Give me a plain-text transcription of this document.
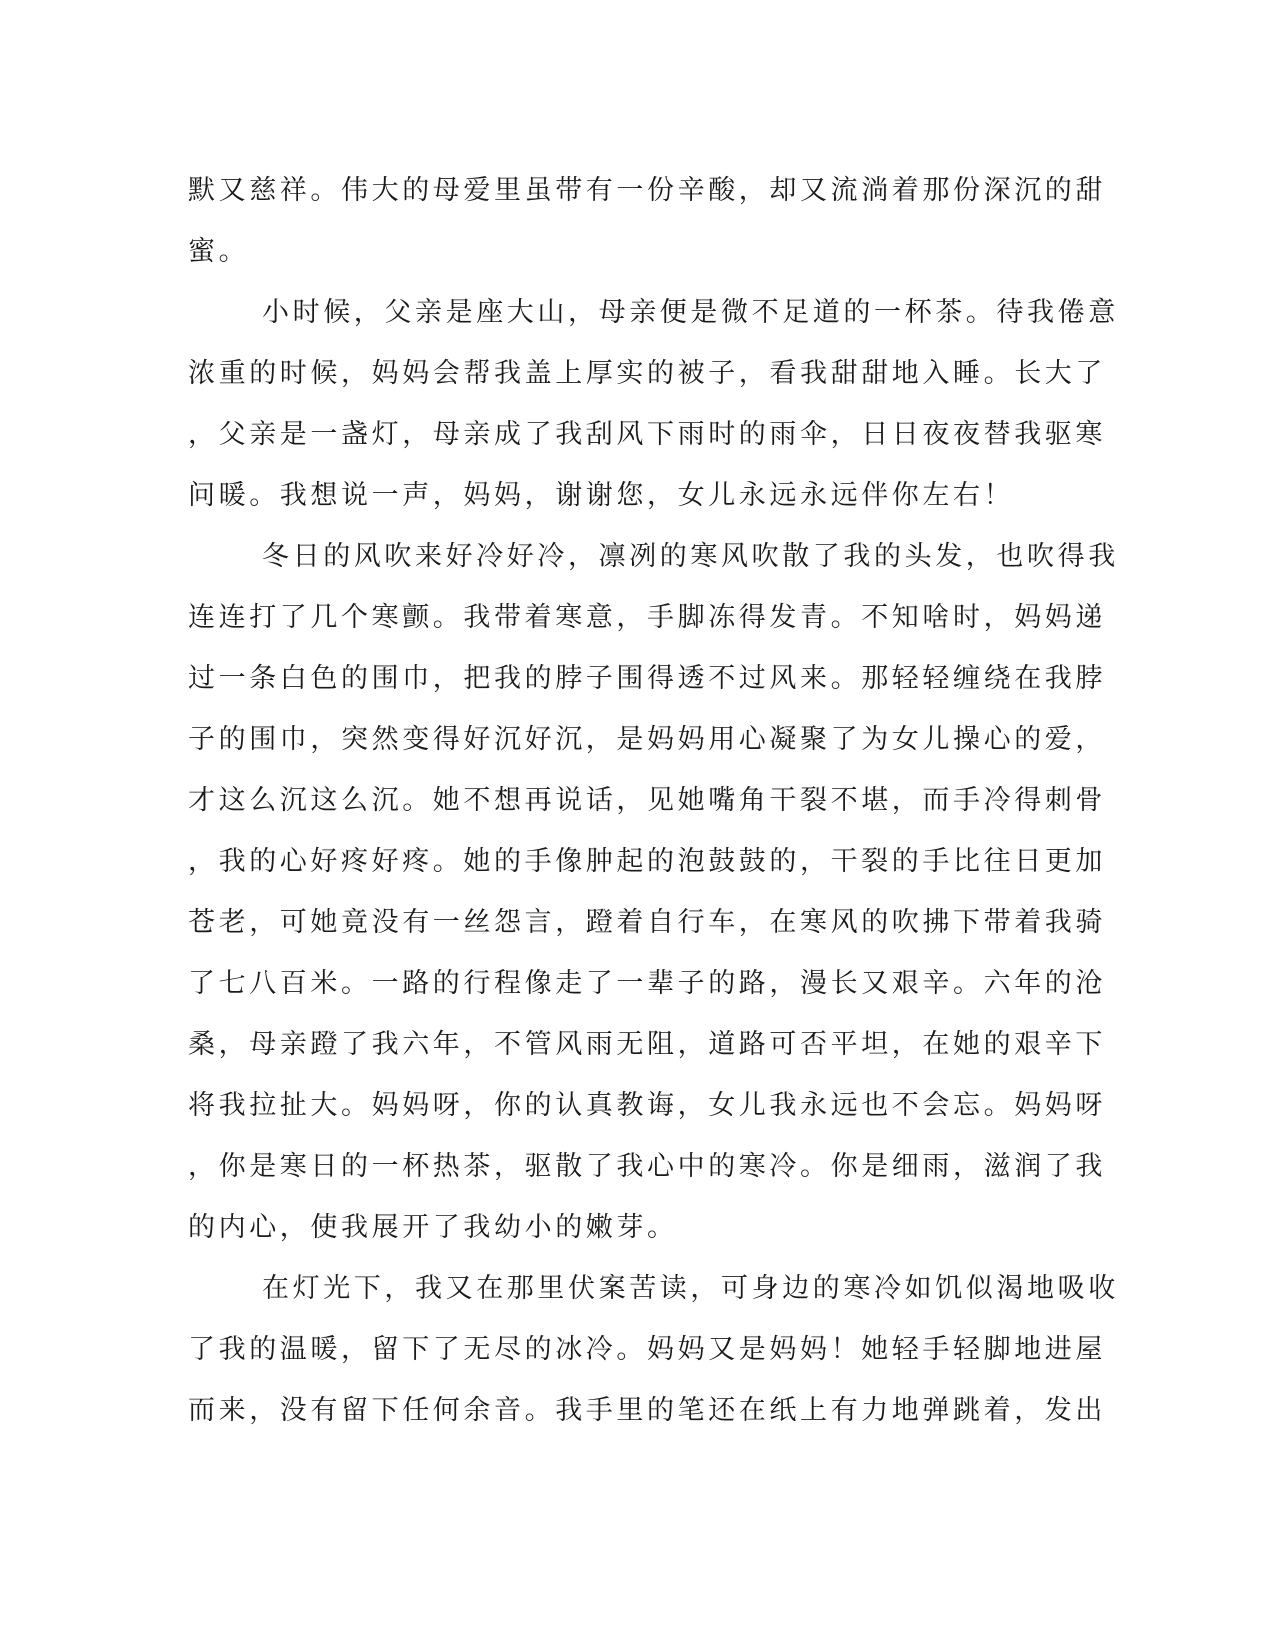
默又慈祥。伟大的母爱里虽带有一份辛酸，却又流淌着那份深沉的甜
蜜。
小时候，父亲是座大山，母亲便是微不足道的一杯茶。待我倦意
浓重的时候，妈妈会帮我盖上厚实的被子，看我甜甜地入睡。长大了
，父亲是一盏灯，母亲成了我刮风下雨时的雨伞，日日夜夜替我驱寒
问暖。我想说一声，妈妈，谢谢您，女儿永远永远伴你左右！
冬日的风吹来好冷好冷，凛冽的寒风吹散了我的头发，也吹得我
连连打了几个寒颤。我带着寒意，手脚冻得发青。不知啥时，妈妈递
过一条白色的围巾，把我的脖子围得透不过风来。那轻轻缠绕在我脖
子的围巾，突然变得好沉好沉，是妈妈用心凝聚了为女儿操心的爱，
才这么沉这么沉。她不想再说话，见她嘴角干裂不堪，而手冷得刺骨
，我的心好疼好疼。她的手像肿起的泡鼓鼓的，干裂的手比往日更加
苍老，可她竟没有一丝怨言，蹬着自行车，在寒风的吹拂下带着我骑
了七八百米。一路的行程像走了一辈子的路，漫长又艰辛。六年的沧
桑，母亲蹬了我六年，不管风雨无阻，道路可否平坦，在她的艰辛下
将我拉扯大。妈妈呀，你的认真教诲，女儿我永远也不会忘。妈妈呀
，你是寒日的一杯热茶，驱散了我心中的寒冷。你是细雨，滋润了我
的内心，使我展开了我幼小的嫩芽。
在灯光下，我又在那里伏案苦读，可身边的寒冷如饥似渴地吸收
了我的温暖，留下了无尽的冰冷。妈妈又是妈妈！她轻手轻脚地进屋
而来，没有留下任何余音。我手里的笔还在纸上有力地弹跳着，发出
